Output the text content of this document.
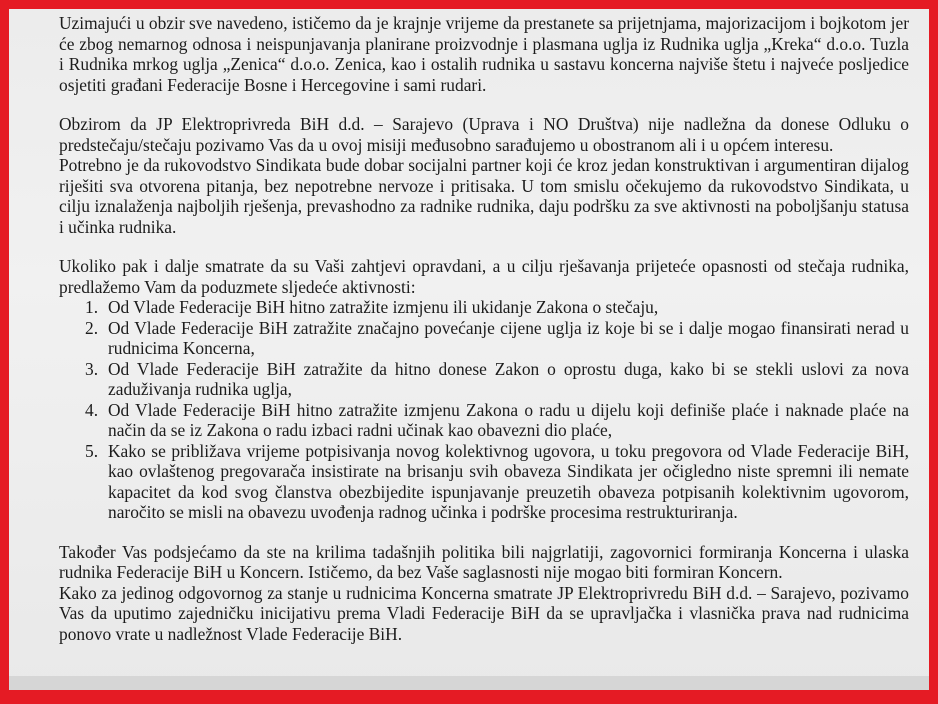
Uzimajući u obzir sve navedeno, ističemo da je krajnje vrijeme da prestanete sa prijetnjama, majorizacijom i bojkotom jer će zbog nemarnog odnosa i neispunjavanja planirane proizvodnje i plasmana uglja iz Rudnika uglja „Kreka“ d.o.o. Tuzla i Rudnika mrkog uglja „Zenica“ d.o.o. Zenica, kao i ostalih rudnika u sastavu koncerna najviše štetu i najveće posljedice osjetiti građani Federacije Bosne i Hercegovine i sami rudari.

Obzirom da JP Elektroprivreda BiH d.d. – Sarajevo (Uprava i NO Društva) nije nadležna da donese Odluku o predstečaju/stečaju pozivamo Vas da u ovoj misiji međusobno sarađujemo u obostranom ali i u općem interesu.

Potrebno je da rukovodstvo Sindikata bude dobar socijalni partner koji će kroz jedan konstruktivan i argumentiran dijalog riješiti sva otvorena pitanja, bez nepotrebne nervoze i pritisaka. U tom smislu očekujemo da rukovodstvo Sindikata, u cilju iznalaženja najboljih rješenja, prevashodno za radnike rudnika, daju podršku za sve aktivnosti na poboljšanju statusa i učinka rudnika.

Ukoliko pak i dalje smatrate da su Vaši zahtjevi opravdani, a u cilju rješavanja prijeteće opasnosti od stečaja rudnika, predlažemo Vam da poduzmete sljedeće aktivnosti:

1. Od Vlade Federacije BiH hitno zatražite izmjenu ili ukidanje Zakona o stečaju,
2. Od Vlade Federacije BiH zatražite značajno povećanje cijene uglja iz koje bi se i dalje mogao finansirati nerad u rudnicima Koncerna,
3. Od Vlade Federacije BiH zatražite da hitno donese Zakon o oprostu duga, kako bi se stekli uslovi za nova zaduživanja rudnika uglja,
4. Od Vlade Federacije BiH hitno zatražite izmjenu Zakona o radu u dijelu koji definiše plaće i naknade plaće na način da se iz Zakona o radu izbaci radni učinak kao obavezni dio plaće,
5. Kako se približava vrijeme potpisivanja novog kolektivnog ugovora, u toku pregovora od Vlade Federacije BiH, kao ovlaštenog pregovarača insistirate na brisanju svih obaveza Sindikata jer očigledno niste spremni ili nemate kapacitet da kod svog članstva obezbijedite ispunjavanje preuzetih obaveza potpisanih kolektivnim ugovorom, naročito se misli na obavezu uvođenja radnog učinka i podrške procesima restrukturiranja.

Također Vas podsjećamo da ste na krilima tadašnjih politika bili najgrlatiji, zagovornici formiranja Koncerna i ulaska rudnika Federacije BiH u Koncern. Ističemo, da bez Vaše saglasnosti nije mogao biti formiran Koncern.

Kako za jedinog odgovornog za stanje u rudnicima Koncerna smatrate JP Elektroprivredu BiH d.d. – Sarajevo, pozivamo Vas da uputimo zajedničku inicijativu prema Vladi Federacije BiH da se upravljačka i vlasnička prava nad rudnicima ponovo vrate u nadležnost Vlade Federacije BiH.
